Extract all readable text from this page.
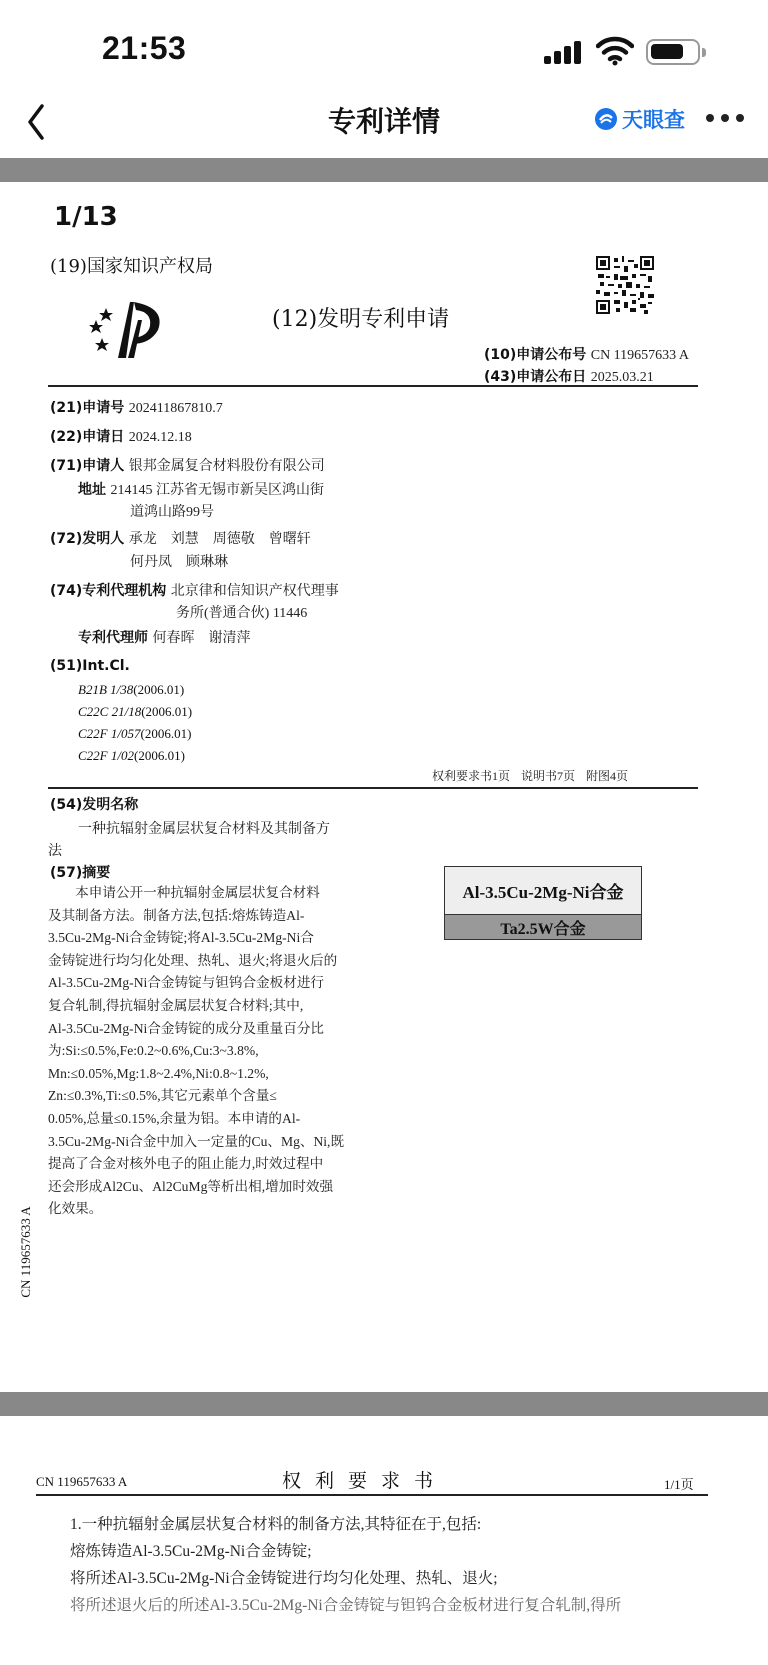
21:53
专利详情	天眼查
1/13
(19)国家知识产权局
(12)发明专利申请
(10)申请公布号 CN 119657633 A
(43)申请公布日 2025.03.21
(21)申请号 202411867810.7
(22)申请日 2024.12.18
(71)申请人 银邦金属复合材料股份有限公司
地址 214145 江苏省无锡市新吴区鸿山街
道鸿山路99号
(72)发明人 承龙　刘慧　周德敬　曾曙轩
何丹凤　顾琳琳
(74)专利代理机构 北京律和信知识产权代理事
务所(普通合伙) 11446
专利代理师 何春晖　谢清萍
(51)Int.Cl.
B21B 1/38(2006.01)
C22C 21/18(2006.01)
C22F 1/057(2006.01)
C22F 1/02(2006.01)
权利要求书1页 说明书7页 附图4页
(54)发明名称
一种抗辐射金属层状复合材料及其制备方
法
(57)摘要
　　本申请公开一种抗辐射金属层状复合材料
及其制备方法。制备方法,包括:熔炼铸造Al-
3.5Cu-2Mg-Ni合金铸锭;将Al-3.5Cu-2Mg-Ni合
金铸锭进行均匀化处理、热轧、退火;将退火后的
Al-3.5Cu-2Mg-Ni合金铸锭与钽钨合金板材进行
复合轧制,得抗辐射金属层状复合材料;其中,
Al-3.5Cu-2Mg-Ni合金铸锭的成分及重量百分比
为:Si:≤0.5%,Fe:0.2~0.6%,Cu:3~3.8%,
Mn:≤0.05%,Mg:1.8~2.4%,Ni:0.8~1.2%,
Zn:≤0.3%,Ti:≤0.5%,其它元素单个含量≤
0.05%,总量≤0.15%,余量为铝。本申请的Al-
3.5Cu-2Mg-Ni合金中加入一定量的Cu、Mg、Ni,既
提高了合金对核外电子的阻止能力,时效过程中
还会形成Al2Cu、Al2CuMg等析出相,增加时效强
化效果。
Al-3.5Cu-2Mg-Ni合金
Ta2.5W合金
CN 119657633 A
CN 119657633 A	权利要求书	1/1页
1.一种抗辐射金属层状复合材料的制备方法,其特征在于,包括:
熔炼铸造Al-3.5Cu-2Mg-Ni合金铸锭;
将所述Al-3.5Cu-2Mg-Ni合金铸锭进行均匀化处理、热轧、退火;
将所述退火后的所述Al-3.5Cu-2Mg-Ni合金铸锭与钽钨合金板材进行复合轧制,得所
